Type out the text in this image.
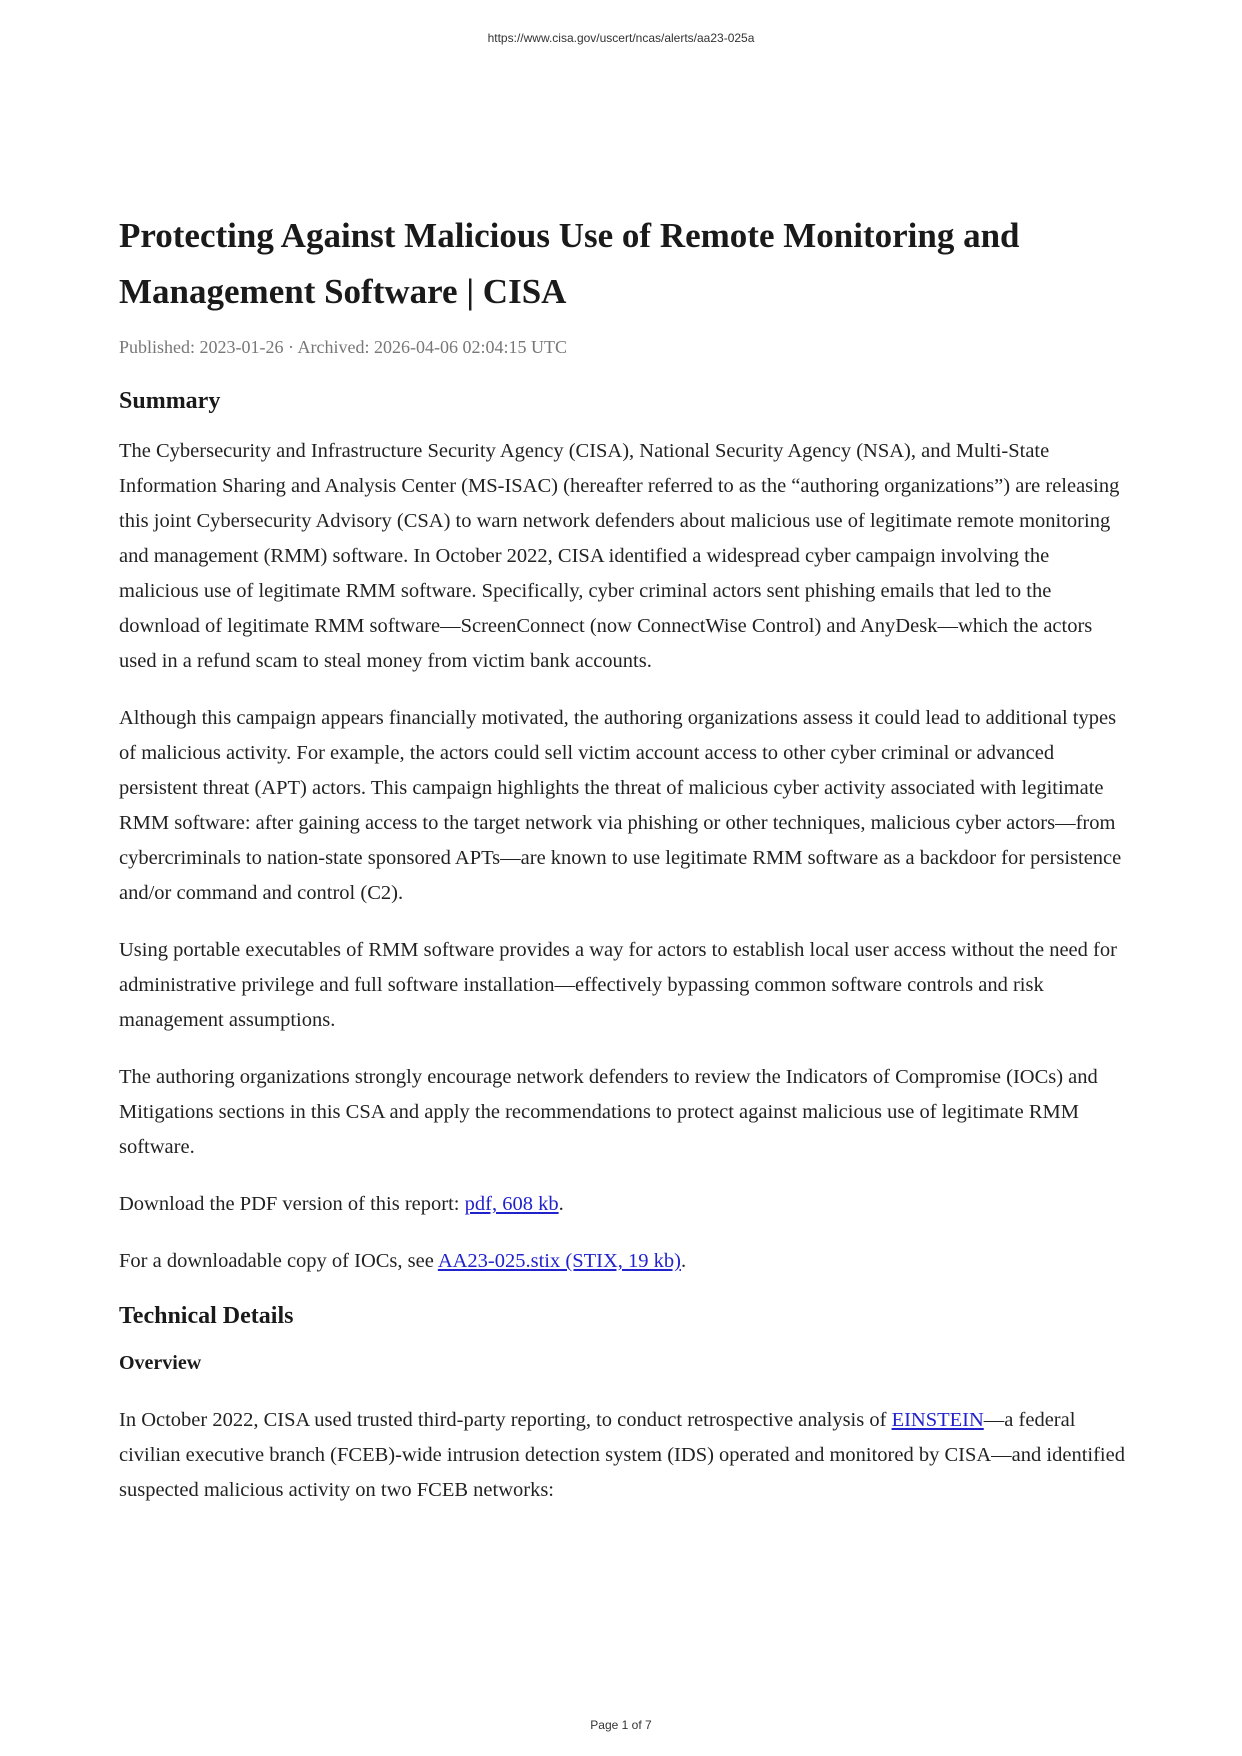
https://www.cisa.gov/uscert/ncas/alerts/aa23-025a
Protecting Against Malicious Use of Remote Monitoring and Management Software | CISA
Published: 2023-01-26 · Archived: 2026-04-06 02:04:15 UTC
Summary

The Cybersecurity and Infrastructure Security Agency (CISA), National Security Agency (NSA), and Multi-State Information Sharing and Analysis Center (MS-ISAC) (hereafter referred to as the “authoring organizations”) are releasing this joint Cybersecurity Advisory (CSA) to warn network defenders about malicious use of legitimate remote monitoring and management (RMM) software. In October 2022, CISA identified a widespread cyber campaign involving the malicious use of legitimate RMM software. Specifically, cyber criminal actors sent phishing emails that led to the download of legitimate RMM software—ScreenConnect (now ConnectWise Control) and AnyDesk—which the actors used in a refund scam to steal money from victim bank accounts.

Although this campaign appears financially motivated, the authoring organizations assess it could lead to additional types of malicious activity. For example, the actors could sell victim account access to other cyber criminal or advanced persistent threat (APT) actors. This campaign highlights the threat of malicious cyber activity associated with legitimate RMM software: after gaining access to the target network via phishing or other techniques, malicious cyber actors—from cybercriminals to nation-state sponsored APTs—are known to use legitimate RMM software as a backdoor for persistence and/or command and control (C2).

Using portable executables of RMM software provides a way for actors to establish local user access without the need for administrative privilege and full software installation—effectively bypassing common software controls and risk management assumptions.

The authoring organizations strongly encourage network defenders to review the Indicators of Compromise (IOCs) and Mitigations sections in this CSA and apply the recommendations to protect against malicious use of legitimate RMM software.

Download the PDF version of this report: pdf, 608 kb.

For a downloadable copy of IOCs, see AA23-025.stix (STIX, 19 kb).

Technical Details
Overview

In October 2022, CISA used trusted third-party reporting, to conduct retrospective analysis of EINSTEIN—a federal civilian executive branch (FCEB)-wide intrusion detection system (IDS) operated and monitored by CISA—and identified suspected malicious activity on two FCEB networks:

Page 1 of 7
